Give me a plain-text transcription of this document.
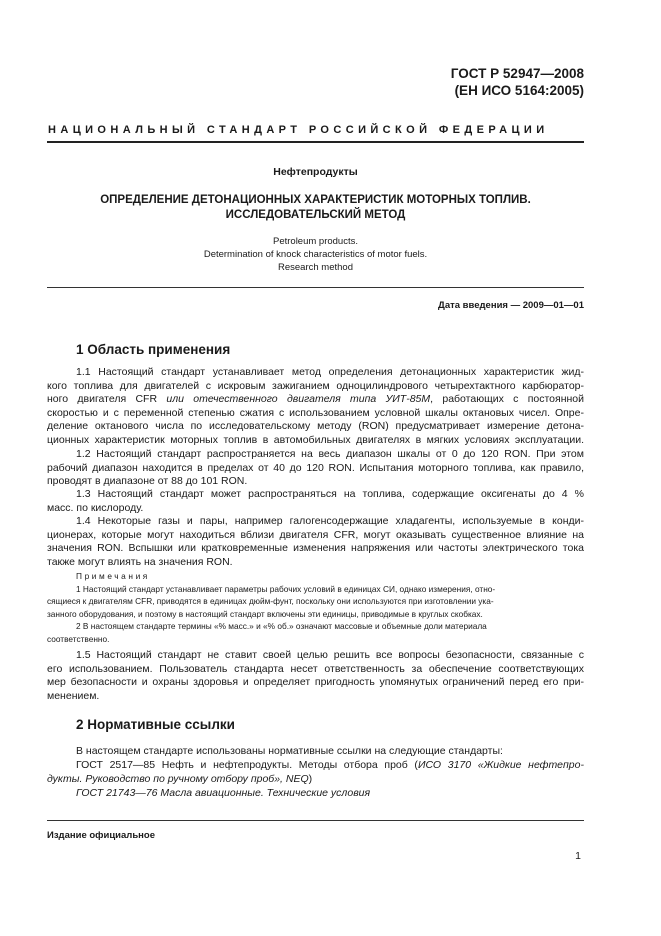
ГОСТ Р 52947—2008
(ЕН ИСО 5164:2005)
НАЦИОНАЛЬНЫЙ СТАНДАРТ РОССИЙСКОЙ ФЕДЕРАЦИИ
Нефтепродукты
ОПРЕДЕЛЕНИЕ ДЕТОНАЦИОННЫХ ХАРАКТЕРИСТИК МОТОРНЫХ ТОПЛИВ.
ИССЛЕДОВАТЕЛЬСКИЙ МЕТОД
Petroleum products.
Determination of knock characteristics of motor fuels.
Research method
Дата введения — 2009—01—01
1 Область применения
1.1 Настоящий стандарт устанавливает метод определения детонационных характеристик жид-
кого топлива для двигателей с искровым зажиганием одноцилиндрового четырехтактного карбюратор-
ного двигателя CFR или отечественного двигателя типа УИТ-85М, работающих с постоянной
скоростью и с переменной степенью сжатия с использованием условной шкалы октановых чисел. Опре-
деление октанового числа по исследовательскому методу (RON) предусматривает измерение детона-
ционных характеристик моторных топлив в автомобильных двигателях в мягких условиях эксплуатации.
1.2 Настоящий стандарт распространяется на весь диапазон шкалы от 0 до 120 RON. При этом
рабочий диапазон находится в пределах от 40 до 120 RON. Испытания моторного топлива, как правило,
проводят в диапазоне от 88 до 101 RON.
1.3 Настоящий стандарт может распространяться на топлива, содержащие оксигенаты до 4 %
масс. по кислороду.
1.4 Некоторые газы и пары, например галогенсодержащие хладагенты, используемые в конди-
ционерах, которые могут находиться вблизи двигателя CFR, могут оказывать существенное влияние на
значения RON. Вспышки или кратковременные изменения напряжения или частоты электрического тока
также могут влиять на значения RON.
Примечания
1 Настоящий стандарт устанавливает параметры рабочих условий в единицах СИ, однако измерения, отно-
сящиеся к двигателям CFR, приводятся в единицах дюйм-фунт, поскольку они используются при изготовлении ука-
занного оборудования, и поэтому в настоящий стандарт включены эти единицы, приводимые в круглых скобках.
2 В настоящем стандарте термины «% масс.» и «% об.» означают массовые и объемные доли материала
соответственно.
1.5 Настоящий стандарт не ставит своей целью решить все вопросы безопасности, связанные с
его использованием. Пользователь стандарта несет ответственность за обеспечение соответствующих
мер безопасности и охраны здоровья и определяет пригодность упомянутых ограничений перед его при-
менением.
2 Нормативные ссылки
В настоящем стандарте использованы нормативные ссылки на следующие стандарты:
ГОСТ 2517—85 Нефть и нефтепродукты. Методы отбора проб (ИСО 3170 «Жидкие нефтепро-
дукты. Руководство по ручному отбору проб», NEQ)
ГОСТ 21743—76 Масла авиационные. Технические условия
Издание официальное
1
